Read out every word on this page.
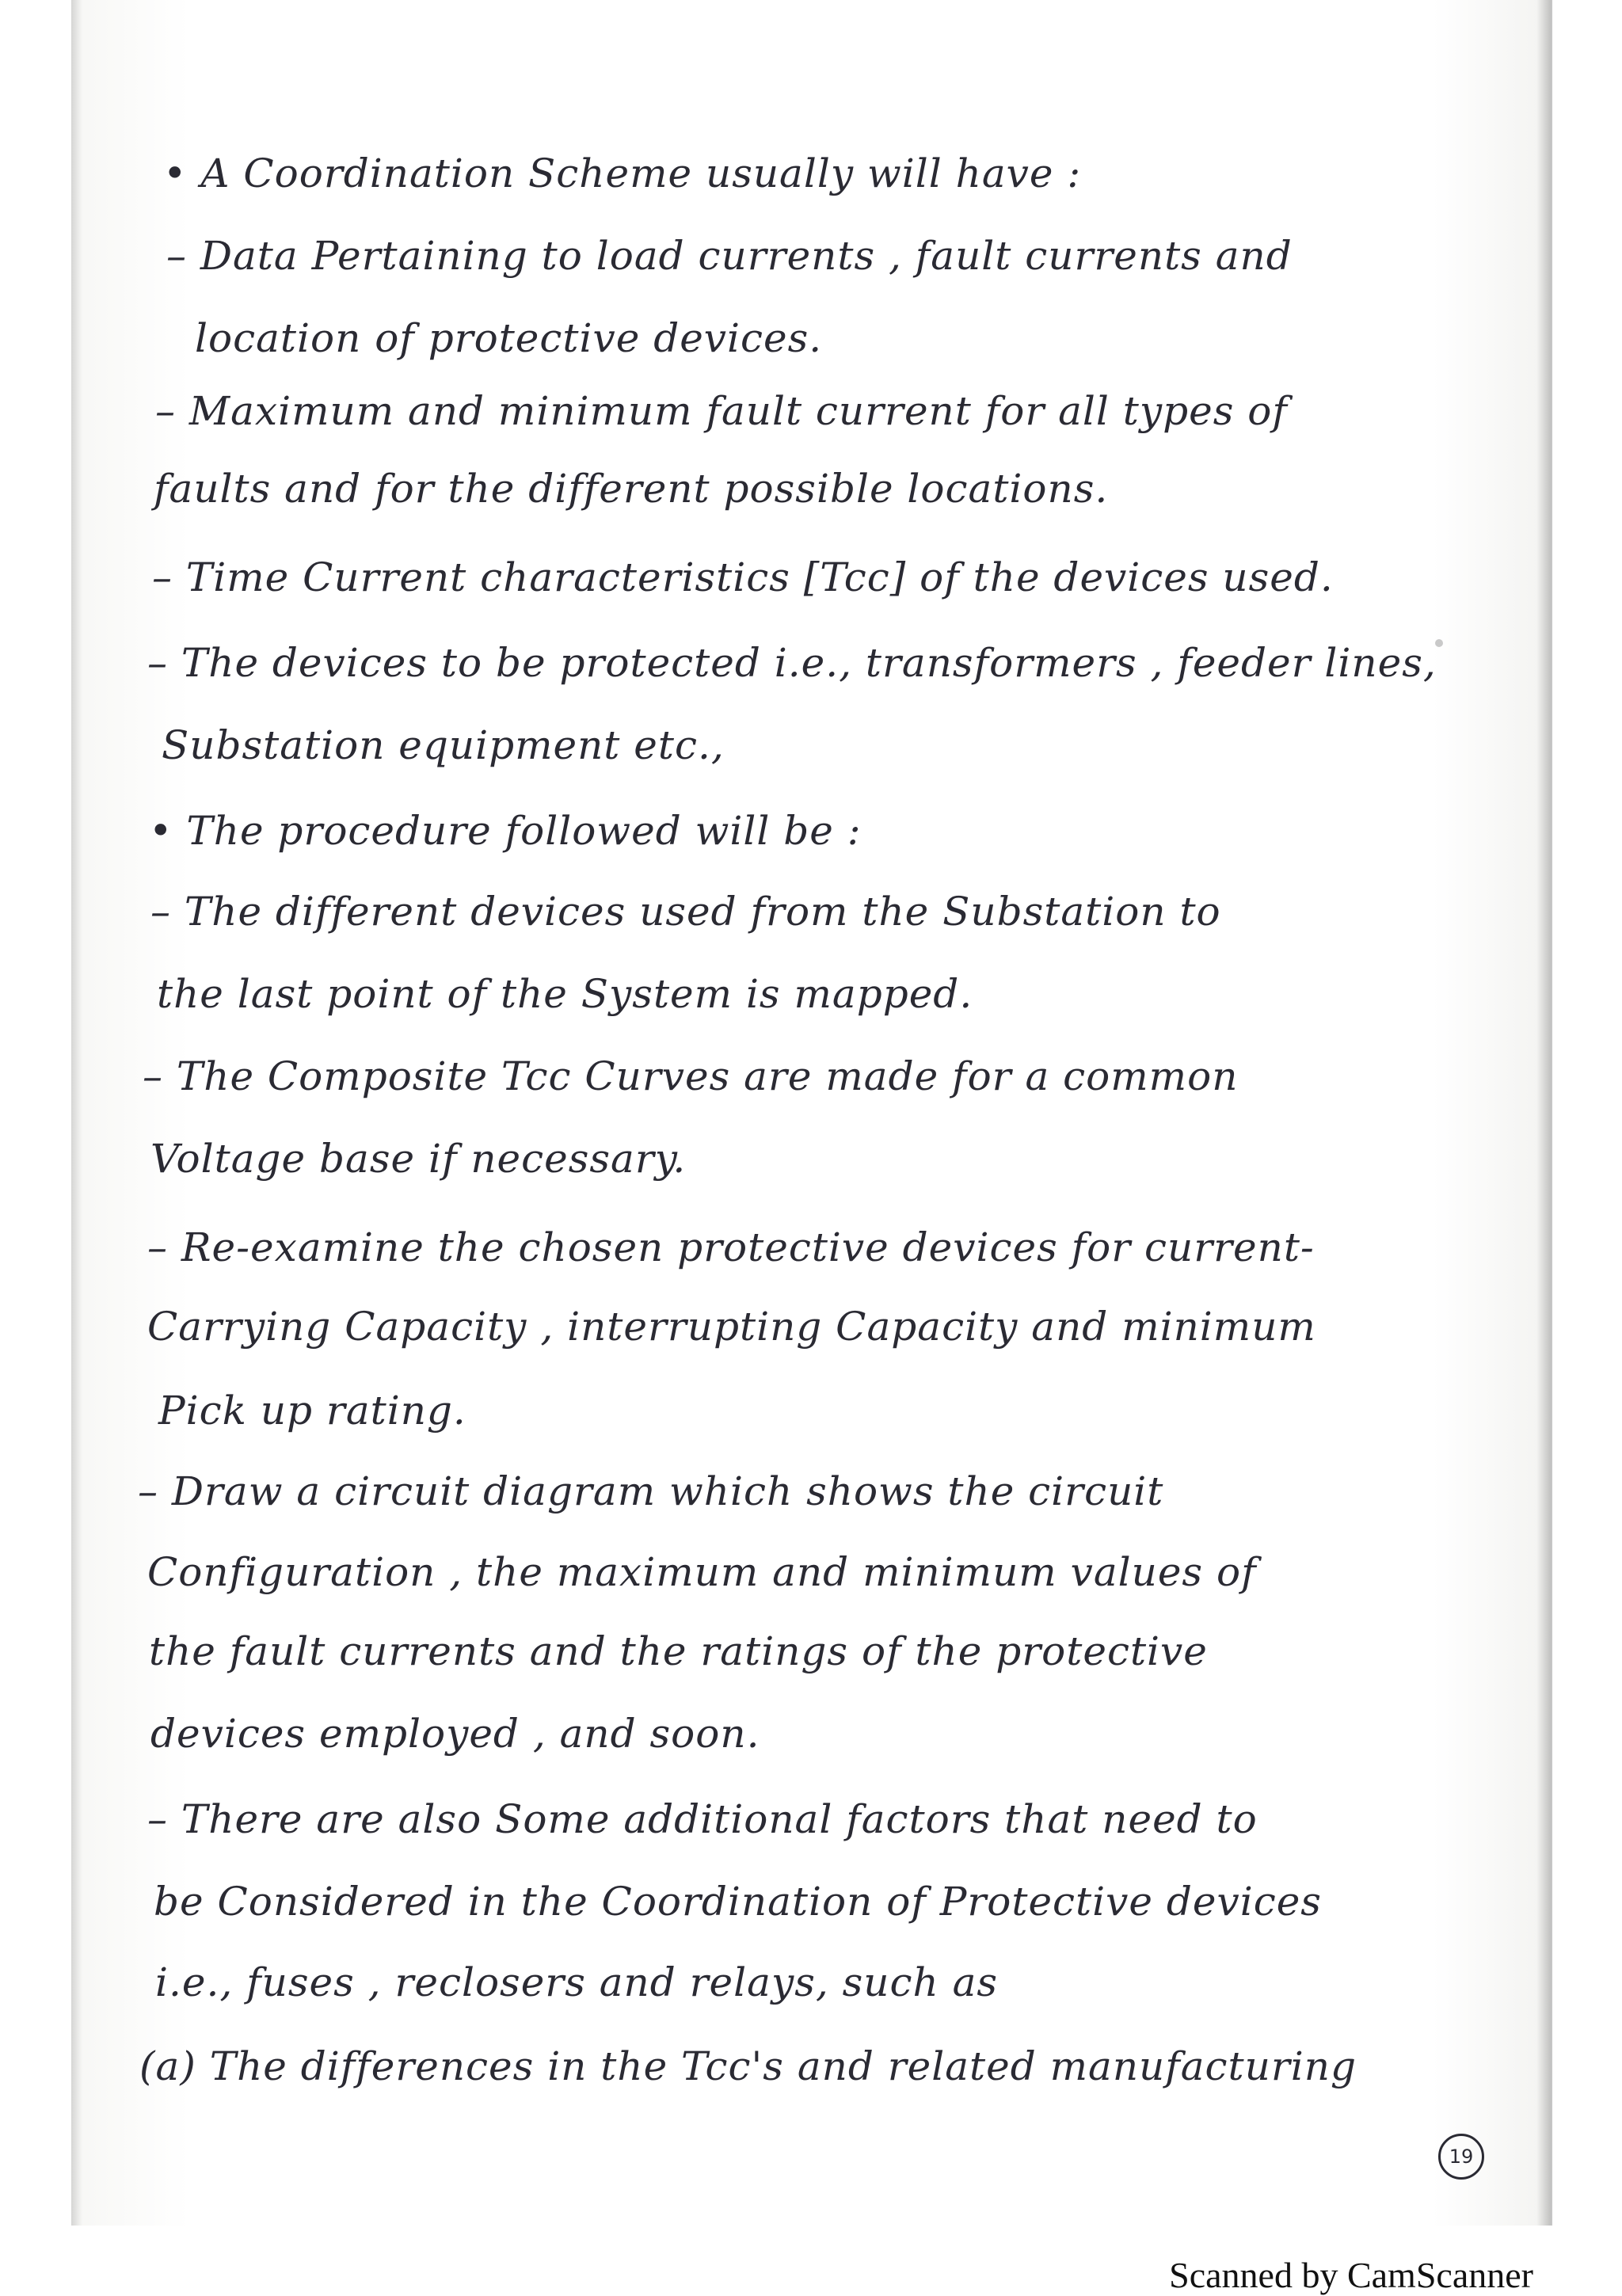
• A Coordination Scheme usually will have :
– Data Pertaining to load currents , fault currents and
location of protective devices.
– Maximum and minimum fault current for all types of
faults and for the different possible locations.
– Time Current characteristics [Tcc] of the devices used.
– The devices to be protected i.e., transformers , feeder lines,
Substation equipment etc.,
• The procedure followed will be :
– The different devices used from the Substation to
the last point of the System is mapped.
– The Composite Tcc Curves are made for a common
Voltage base if necessary.
– Re-examine the chosen protective devices for current-
Carrying Capacity , interrupting Capacity and minimum
Pick up rating.
– Draw a circuit diagram which shows the circuit
Configuration , the maximum and minimum values of
the fault currents and the ratings of the protective
devices employed , and soon.
– There are also Some additional factors that need to
be Considered in the Coordination of Protective devices
i.e., fuses , reclosers and relays, such as
(a) The differences in the Tcc's and related manufacturing
19
Scanned by CamScanner
